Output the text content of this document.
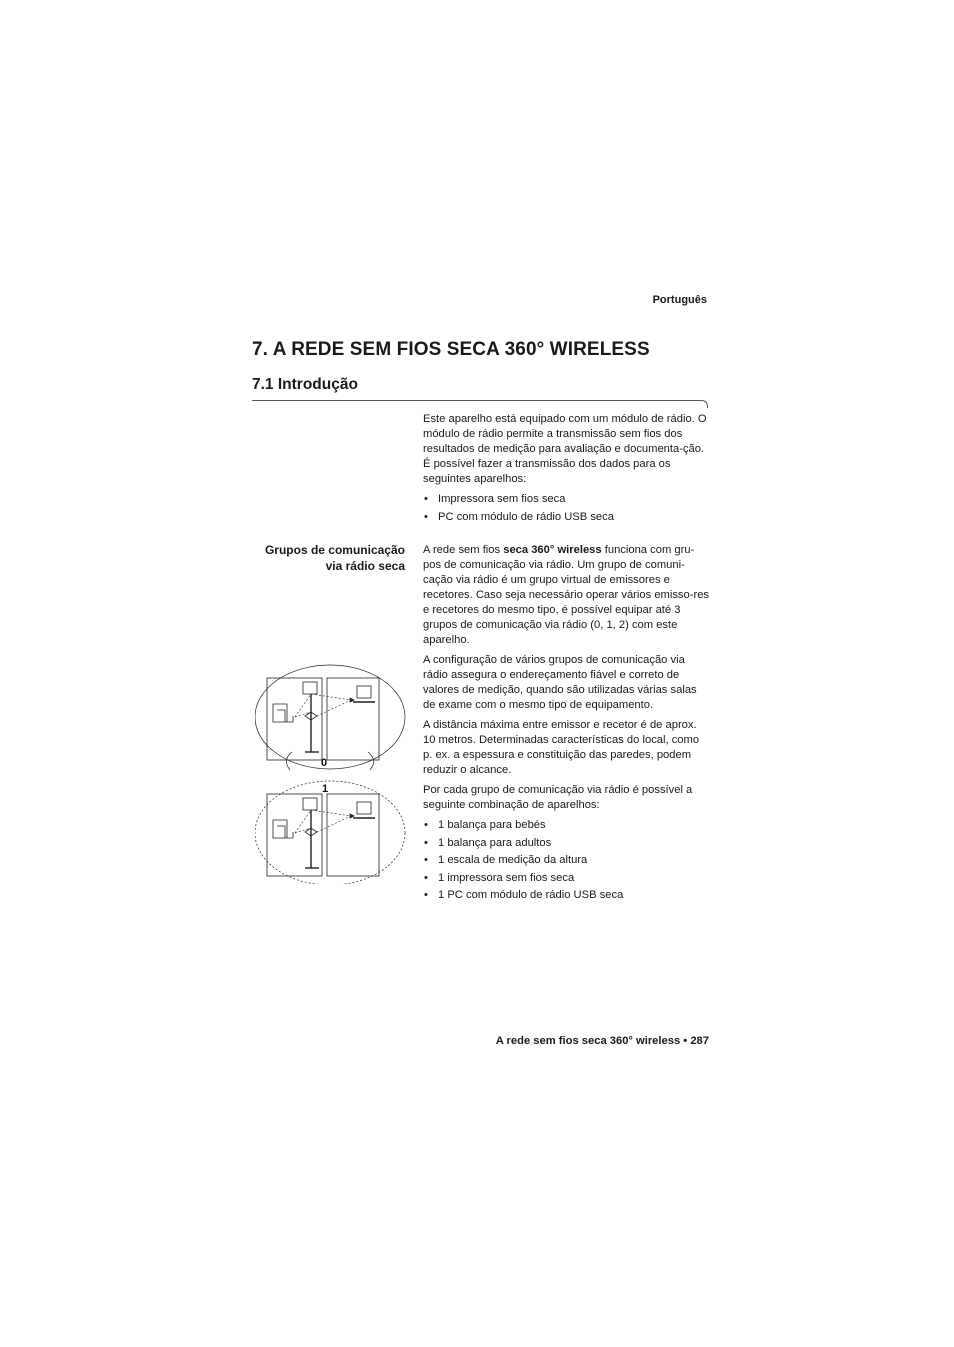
Português
7. A REDE SEM FIOS SECA 360° WIRELESS
7.1 Introdução

Este aparelho está equipado com um módulo de rádio. O módulo de rádio permite a transmissão sem fios dos resultados de medição para avaliação e documenta-ção. É possível fazer a transmissão dos dados para os seguintes aparelhos:

• Impressora sem fios seca
• PC com módulo de rádio USB seca
Grupos de comunicação via rádio seca

A rede sem fios seca 360° wireless funciona com gru-pos de comunicação via rádio. Um grupo de comuni-cação via rádio é um grupo virtual de emissores e recetores. Caso seja necessário operar vários emisso-res e recetores do mesmo tipo, é possível equipar até 3 grupos de comunicação via rádio (0, 1, 2) com este aparelho.

A configuração de vários grupos de comunicação via rádio assegura o endereçamento fiável e correto de valores de medição, quando são utilizadas várias salas de exame com o mesmo tipo de equipamento.

A distância máxima entre emissor e recetor é de aprox. 10 metros. Determinadas características do local, como p. ex. a espessura e constituição das paredes, podem reduzir o alcance.

Por cada grupo de comunicação via rádio é possível a seguinte combinação de aparelhos:

• 1 balança para bebés
• 1 balança para adultos
• 1 escala de medição da altura
• 1 impressora sem fios seca
• 1 PC com módulo de rádio USB seca
0
1
A rede sem fios seca 360° wireless • 287
